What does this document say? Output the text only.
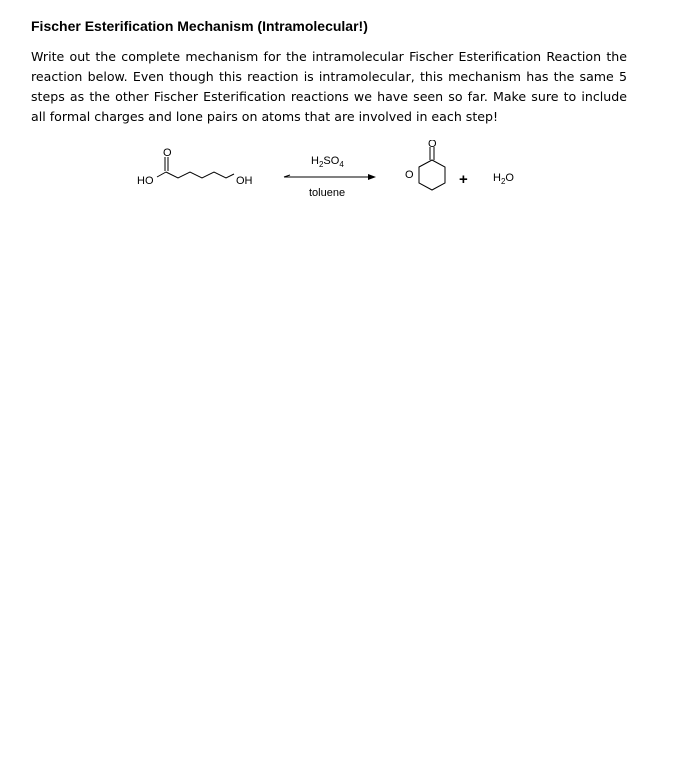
Fischer Esterification Mechanism (Intramolecular!)
Write out the complete mechanism for the intramolecular Fischer Esterification Reaction the reaction below. Even though this reaction is intramolecular, this mechanism has the same 5 steps as the other Fischer Esterification reactions we have seen so far. Make sure to include all formal charges and lone pairs on atoms that are involved in each step!
HO
O
OH
H2SO4
toluene
O
O
+ H2O
